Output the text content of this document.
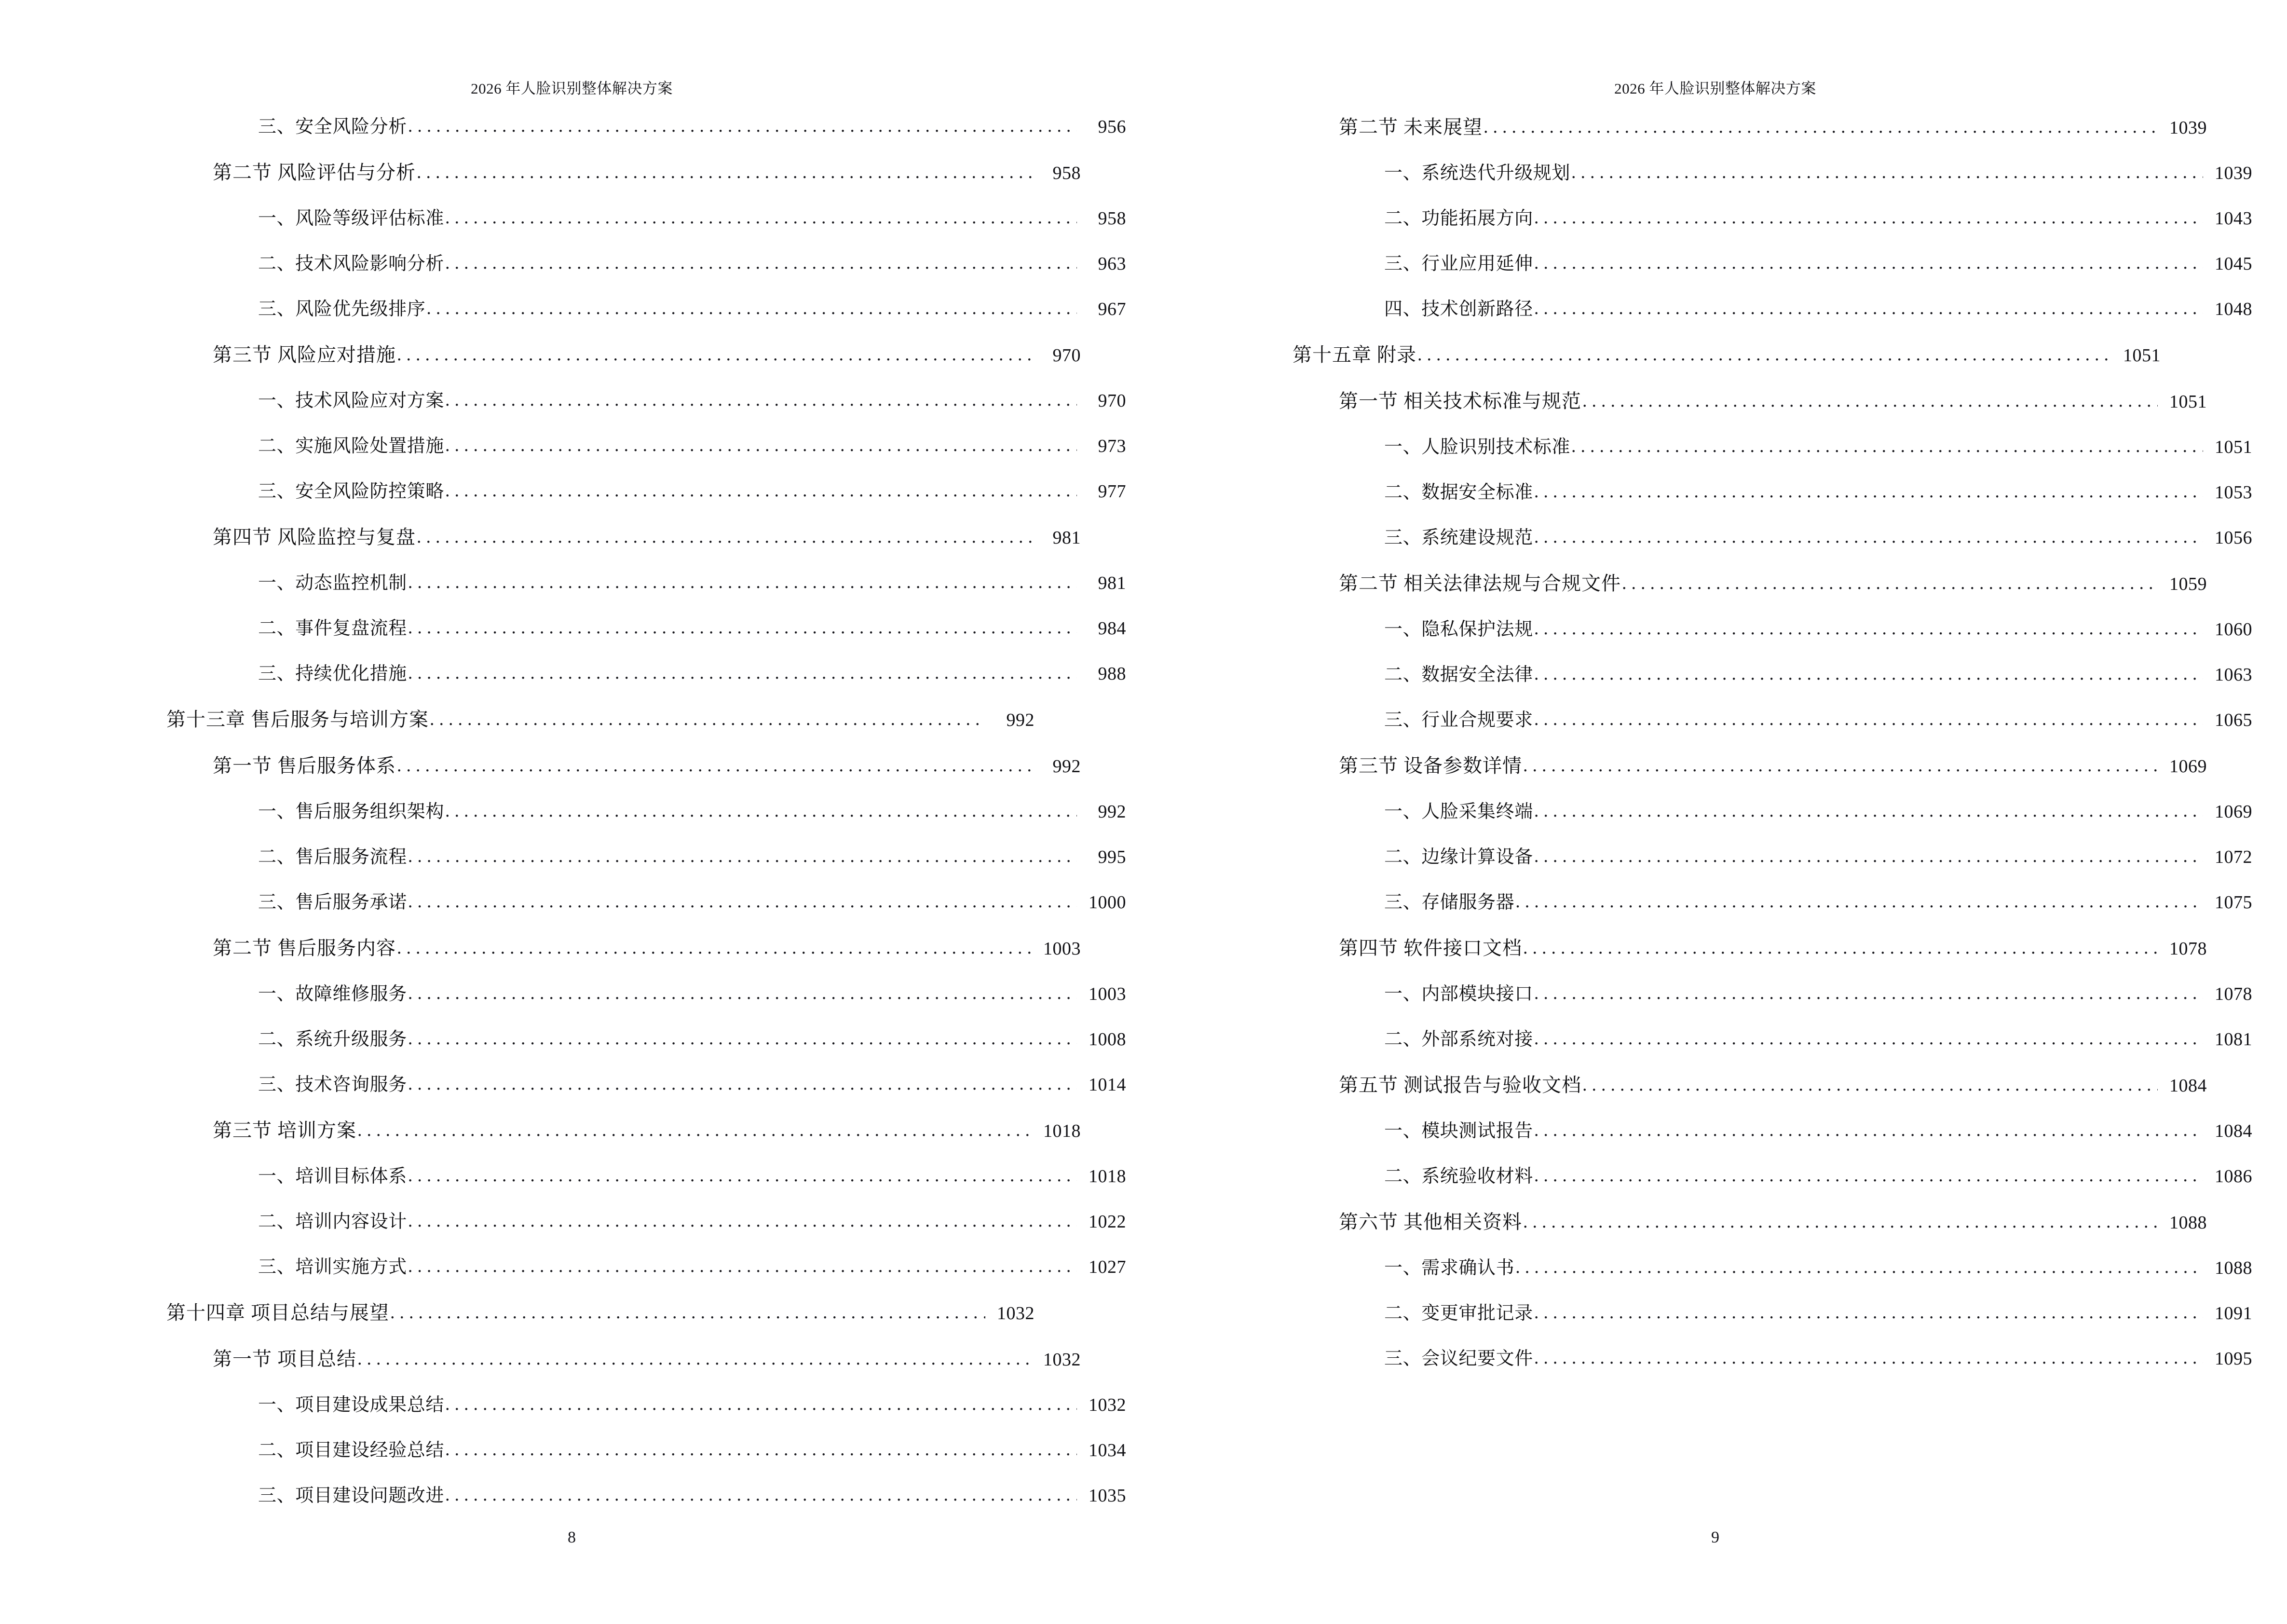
2026 年人脸识别整体解决方案
三、安全风险分析 .....	956
第二节 风险评估与分析 .....	958
一、风险等级评估标准 .....	958
二、技术风险影响分析 .....	963
三、风险优先级排序 .....	967
第三节 风险应对措施 .....	970
一、技术风险应对方案 .....	970
二、实施风险处置措施 .....	973
三、安全风险防控策略 .....	977
第四节 风险监控与复盘 .....	981
一、动态监控机制 .....	981
二、事件复盘流程 .....	984
三、持续优化措施 .....	988
第十三章 售后服务与培训方案 .....	992
第一节 售后服务体系 .....	992
一、售后服务组织架构 .....	992
二、售后服务流程 .....	995
三、售后服务承诺 .....	1000
第二节 售后服务内容 .....	1003
一、故障维修服务 .....	1003
二、系统升级服务 .....	1008
三、技术咨询服务 .....	1014
第三节 培训方案 .....	1018
一、培训目标体系 .....	1018
二、培训内容设计 .....	1022
三、培训实施方式 .....	1027
第十四章 项目总结与展望 .....	1032
第一节 项目总结 .....	1032
一、项目建设成果总结 .....	1032
二、项目建设经验总结 .....	1034
三、项目建设问题改进 .....	1035
8
2026 年人脸识别整体解决方案
第二节 未来展望 .....	1039
一、系统迭代升级规划 .....	1039
二、功能拓展方向 .....	1043
三、行业应用延伸 .....	1045
四、技术创新路径 .....	1048
第十五章 附录 .....	1051
第一节 相关技术标准与规范 .....	1051
一、人脸识别技术标准 .....	1051
二、数据安全标准 .....	1053
三、系统建设规范 .....	1056
第二节 相关法律法规与合规文件 .....	1059
一、隐私保护法规 .....	1060
二、数据安全法律 .....	1063
三、行业合规要求 .....	1065
第三节 设备参数详情 .....	1069
一、人脸采集终端 .....	1069
二、边缘计算设备 .....	1072
三、存储服务器 .....	1075
第四节 软件接口文档 .....	1078
一、内部模块接口 .....	1078
二、外部系统对接 .....	1081
第五节 测试报告与验收文档 .....	1084
一、模块测试报告 .....	1084
二、系统验收材料 .....	1086
第六节 其他相关资料 .....	1088
一、需求确认书 .....	1088
二、变更审批记录 .....	1091
三、会议纪要文件 .....	1095
9
